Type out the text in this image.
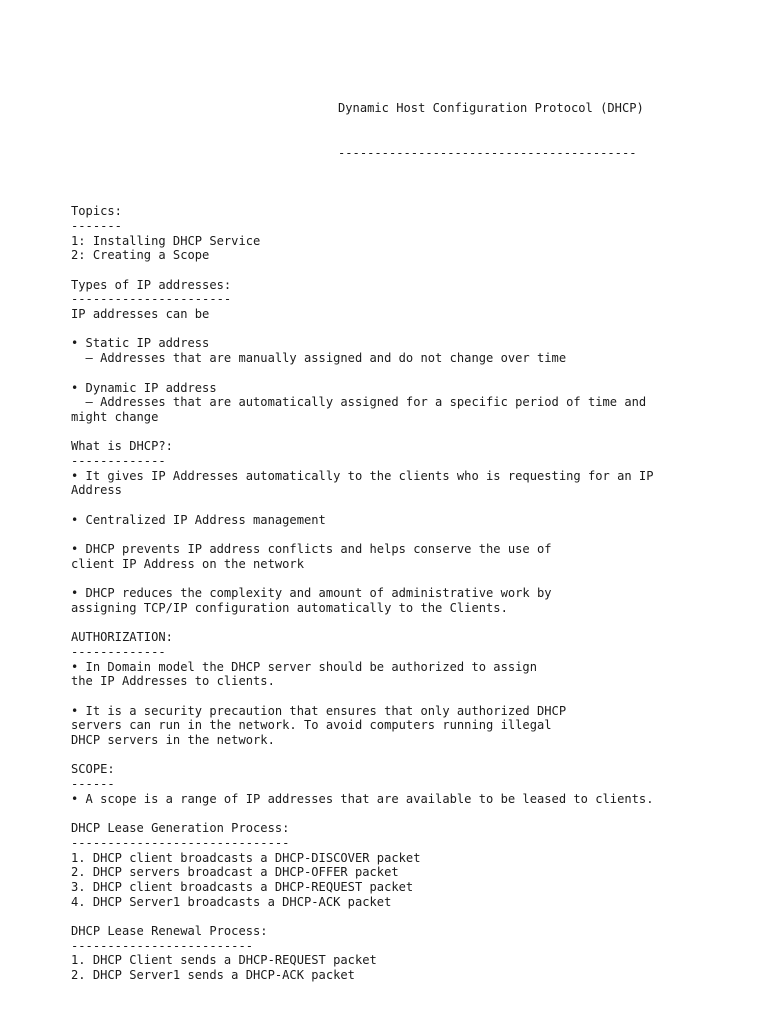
Dynamic Host Configuration Protocol (DHCP)

-----------------------------------------

Topics:
-------
1: Installing DHCP Service
2: Creating a Scope
Types of IP addresses:
----------------------
IP addresses can be
• Static IP address
– Addresses that are manually assigned and do not change over time
• Dynamic IP address
– Addresses that are automatically assigned for a specific period of time and
might change
What is DHCP?:
-------------
• It gives IP Addresses automatically to the clients who is requesting for an IP
Address
• Centralized IP Address management
• DHCP prevents IP address conflicts and helps conserve the use of
client IP Address on the network
• DHCP reduces the complexity and amount of administrative work by
assigning TCP/IP configuration automatically to the Clients.
AUTHORIZATION:
-------------
• In Domain model the DHCP server should be authorized to assign
the IP Addresses to clients.
• It is a security precaution that ensures that only authorized DHCP
servers can run in the network. To avoid computers running illegal
DHCP servers in the network.
SCOPE:
------
• A scope is a range of IP addresses that are available to be leased to clients.
DHCP Lease Generation Process:
------------------------------
1. DHCP client broadcasts a DHCP-DISCOVER packet
2. DHCP servers broadcast a DHCP-OFFER packet
3. DHCP client broadcasts a DHCP-REQUEST packet
4. DHCP Server1 broadcasts a DHCP-ACK packet
DHCP Lease Renewal Process:
-------------------------
1. DHCP Client sends a DHCP-REQUEST packet
2. DHCP Server1 sends a DHCP-ACK packet
